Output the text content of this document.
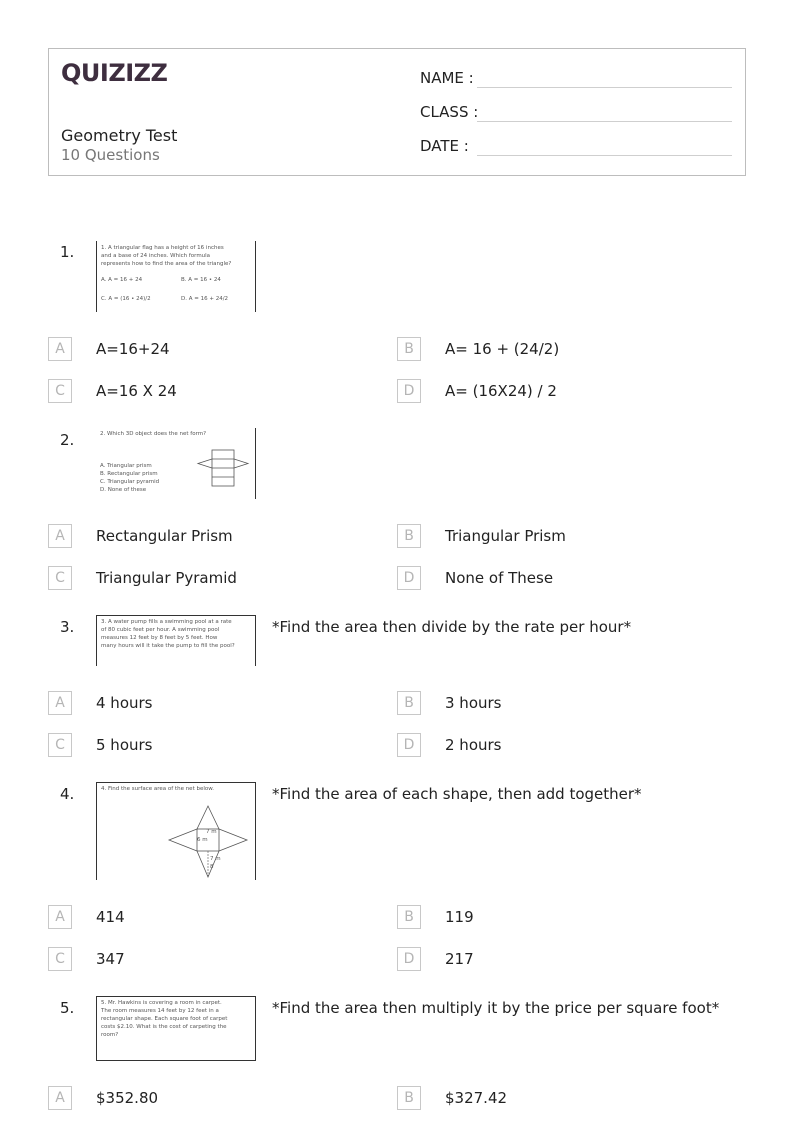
QUIZIZZ
Geometry Test
10 Questions
NAME :
CLASS :
DATE :
1.	1. A triangular flag has a height of 16 inches
and a base of 24 inches. Which formula
represents how to find the area of the triangle?
A. A = 16 + 24	B. A = 16 • 24
C. A = (16 • 24)/2	D. A = 16 + 24/2
A	A=16+24	B	A= 16 + (24/2)
C	A=16 X 24	D	A= (16X24) / 2
2.	2. Which 3D object does the net form?
A. Triangular prism
B. Rectangular prism
C. Triangular pyramid
D. None of these
A	Rectangular Prism	B	Triangular Prism
C	Triangular Pyramid	D	None of These
3.	3. A water pump fills a swimming pool at a rate
of 80 cubic feet per hour. A swimming pool
measures 12 feet by 8 feet by 5 feet. How
many hours will it take the pump to fill the pool?
*Find the area then divide by the rate per hour*
A	4 hours	B	3 hours
C	5 hours	D	2 hours
4.	4. Find the surface area of the net below.
7 m
6 m
7 m
8
*Find the area of each shape, then add together*
A	414	B	119
C	347	D	217
5.	5. Mr. Hawkins is covering a room in carpet.
The room measures 14 feet by 12 feet in a
rectangular shape. Each square foot of carpet
costs $2.10. What is the cost of carpeting the
room?
*Find the area then multiply it by the price per square foot*
A	$352.80	B	$327.42
